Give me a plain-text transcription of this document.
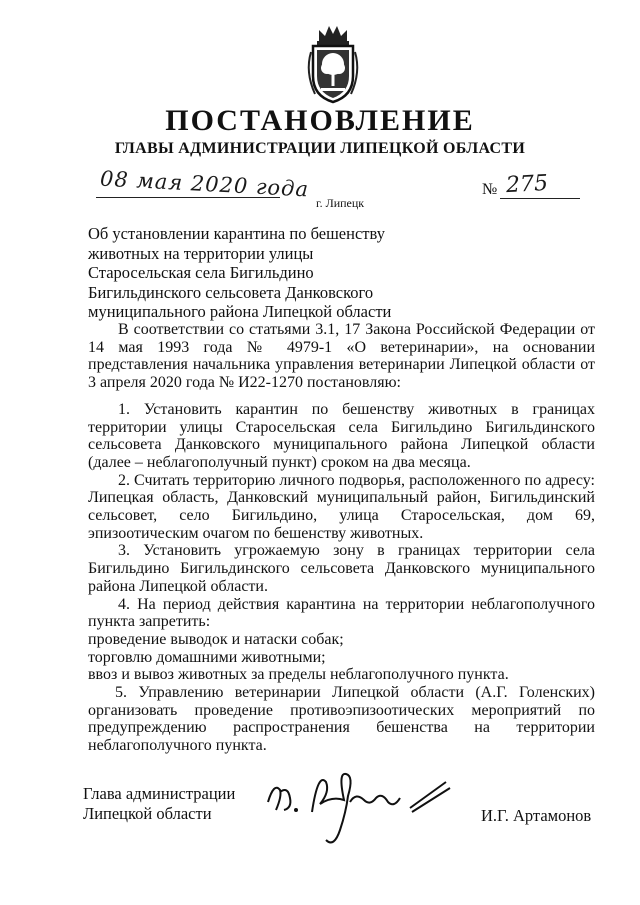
ПОСТАНОВЛЕНИЕ
ГЛАВЫ АДМИНИСТРАЦИИ ЛИПЕЦКОЙ ОБЛАСТИ
08 мая 2020 года
г. Липецк
№ 275
Об установлении карантина по бешенству
животных на территории улицы
Старосельская села Бигильдино
Бигильдинского сельсовета Данковского
муниципального района Липецкой области

В соответствии со статьями 3.1, 17 Закона Российской Федерации от 14 мая 1993 года № 4979-1 «О ветеринарии», на основании представления начальника управления ветеринарии Липецкой области от 3 апреля 2020 года № И22-1270 постановляю:

1. Установить карантин по бешенству животных в границах территории улицы Старосельская села Бигильдино Бигильдинского сельсовета Данковского муниципального района Липецкой области (далее – неблагополучный пункт) сроком на два месяца.

2. Считать территорию личного подворья, расположенного по адресу: Липецкая область, Данковский муниципальный район, Бигильдинский сельсовет, село Бигильдино, улица Старосельская, дом 69, эпизоотическим очагом по бешенству животных.

3. Установить угрожаемую зону в границах территории села Бигильдино Бигильдинского сельсовета Данковского муниципального района Липецкой области.

4. На период действия карантина на территории неблагополучного пункта запретить:

проведение выводок и натаски собак;

торговлю домашними животными;

ввоз и вывоз животных за пределы неблагополучного пункта.

5. Управлению ветеринарии Липецкой области (А.Г. Голенских) организовать проведение противоэпизоотических мероприятий по предупреждению распространения бешенства на территории неблагополучного пункта.

Глава администрации
Липецкой области	И.Г. Артамонов
